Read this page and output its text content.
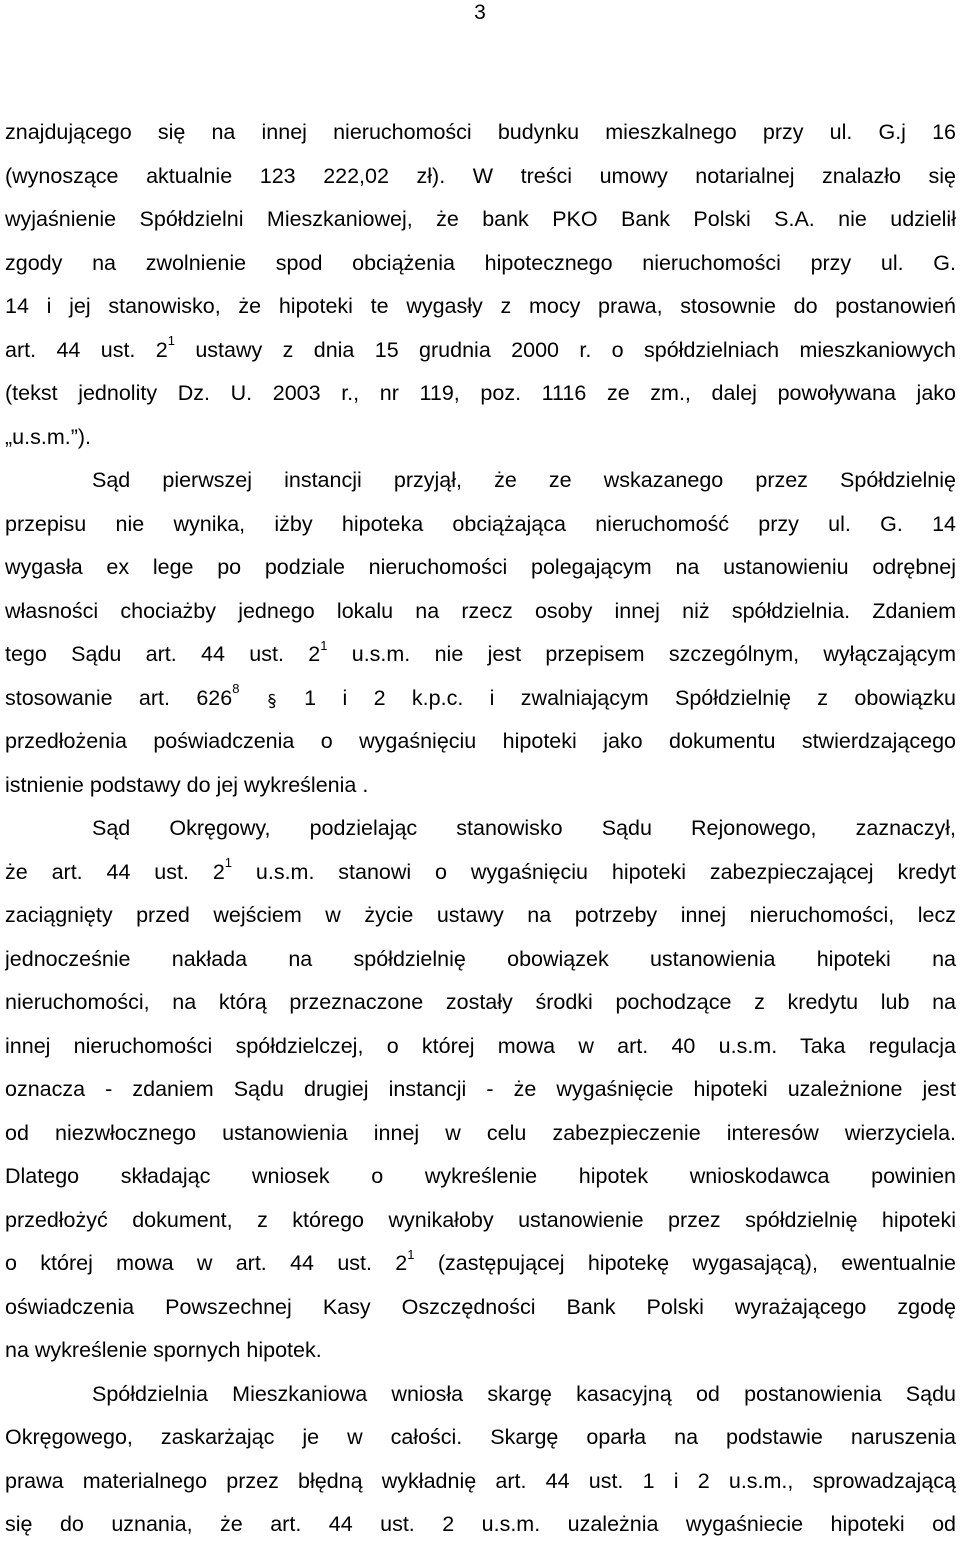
3
znajdującego się na innej nieruchomości budynku mieszkalnego przy ul. G.j 16
(wynoszące aktualnie 123 222,02 zł). W treści umowy notarialnej znalazło się
wyjaśnienie Spółdzielni Mieszkaniowej, że bank PKO Bank Polski S.A. nie udzielił
zgody na zwolnienie spod obciążenia hipotecznego nieruchomości przy ul. G.
14 i jej stanowisko, że hipoteki te wygasły z mocy prawa, stosownie do postanowień
art. 44 ust. $2^1$ ustawy z dnia 15 grudnia 2000 r. o spółdzielniach mieszkaniowych
(tekst jednolity Dz. U. 2003 r., nr 119, poz. 1116 ze zm., dalej powoływana jako
„u.s.m.”).
Sąd pierwszej instancji przyjął, że ze wskazanego przez Spółdzielnię
przepisu nie wynika, iżby hipoteka obciążająca nieruchomość przy ul. G. 14
wygasła ex lege po podziale nieruchomości polegającym na ustanowieniu odrębnej
własności chociażby jednego lokalu na rzecz osoby innej niż spółdzielnia. Zdaniem
tego Sądu art. 44 ust. $2^1$ u.s.m. nie jest przepisem szczególnym, wyłączającym
stosowanie art. $626^8$  1 i 2 k.p.c. i zwalniającym Spółdzielnię z obowiązku
przedłożenia poświadczenia o wygaśnięciu hipoteki jako dokumentu stwierdzającego
istnienie podstawy do jej wykreślenia .
Sąd Okręgowy, podzielając stanowisko Sądu Rejonowego, zaznaczył,
że art. 44 ust. $2^1$ u.s.m. stanowi o wygaśnięciu hipoteki zabezpieczającej kredyt
zaciągnięty przed wejściem w życie ustawy na potrzeby innej nieruchomości, lecz
jednocześnie nakłada na spółdzielnię obowiązek ustanowienia hipoteki na
nieruchomości, na którą przeznaczone zostały środki pochodzące z kredytu lub na
innej nieruchomości spółdzielczej, o której mowa w art. 40 u.s.m. Taka regulacja
oznacza - zdaniem Sądu drugiej instancji - że wygaśnięcie hipoteki uzależnione jest
od niezwłocznego ustanowienia innej w celu zabezpieczenie interesów wierzyciela.
Dlatego składając wniosek o wykreślenie hipotek wnioskodawca powinien
przedłożyć dokument, z którego wynikałoby ustanowienie przez spółdzielnię hipoteki
o której mowa w art. 44 ust. $2^1$ (zastępującej hipotekę wygasającą), ewentualnie
oświadczenia Powszechnej Kasy Oszczędności Bank Polski wyrażającego zgodę
na wykreślenie spornych hipotek.
Spółdzielnia Mieszkaniowa wniosła skargę kasacyjną od postanowienia Sądu
Okręgowego, zaskarżając je w całości. Skargę oparła na podstawie naruszenia
prawa materialnego przez błędną wykładnię art. 44 ust. 1 i 2 u.s.m., sprowadzającą
się do uznania, że art. 44 ust. 2 u.s.m. uzależnia wygaśniecie hipoteki od
